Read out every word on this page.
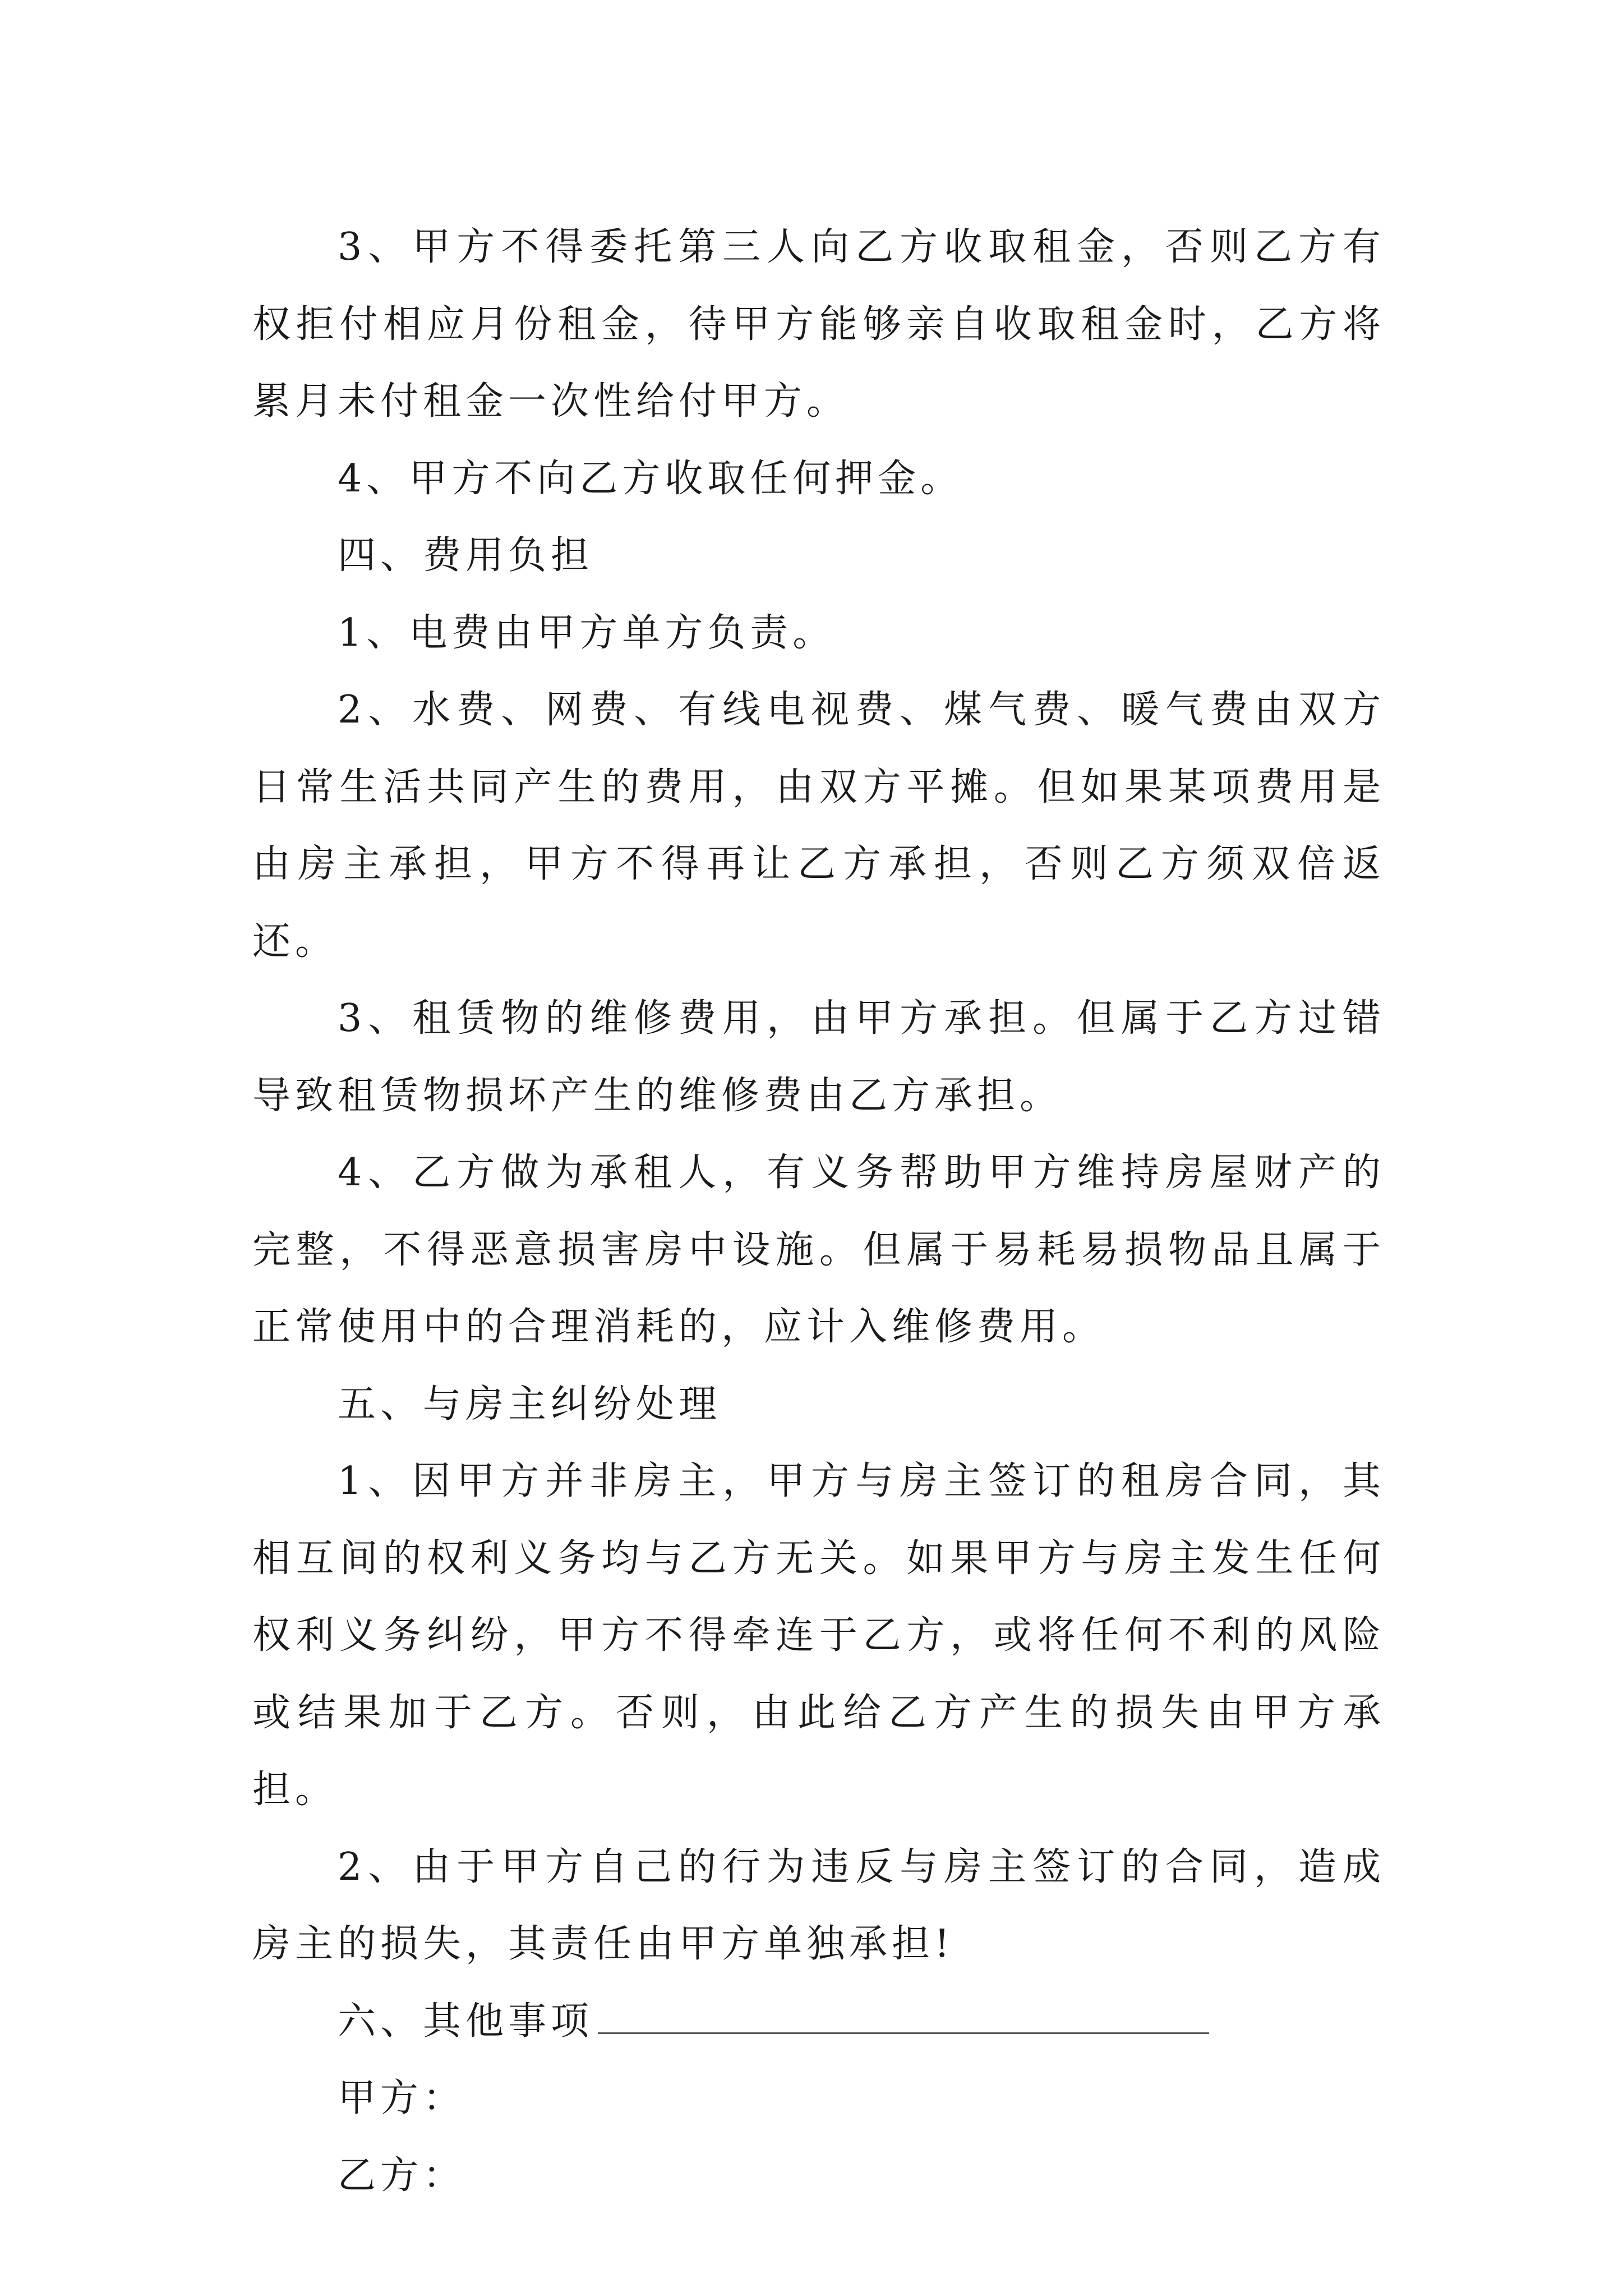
3、甲方不得委托第三人向乙方收取租金，否则乙方有权拒付相应月份租金，待甲方能够亲自收取租金时，乙方将累月未付租金一次性给付甲方。

4、甲方不向乙方收取任何押金。

四、费用负担

1、电费由甲方单方负责。

2、水费、网费、有线电视费、煤气费、暖气费由双方日常生活共同产生的费用，由双方平摊。但如果某项费用是由房主承担，甲方不得再让乙方承担，否则乙方须双倍返还。

3、租赁物的维修费用，由甲方承担。但属于乙方过错导致租赁物损坏产生的维修费由乙方承担。

4、乙方做为承租人，有义务帮助甲方维持房屋财产的完整，不得恶意损害房中设施。但属于易耗易损物品且属于正常使用中的合理消耗的，应计入维修费用。

五、与房主纠纷处理

1、因甲方并非房主，甲方与房主签订的租房合同，其相互间的权利义务均与乙方无关。如果甲方与房主发生任何权利义务纠纷，甲方不得牵连于乙方，或将任何不利的风险或结果加于乙方。否则，由此给乙方产生的损失由甲方承担。

2、由于甲方自己的行为违反与房主签订的合同，造成房主的损失，其责任由甲方单独承担!

六、其他事项

甲方：

乙方：
